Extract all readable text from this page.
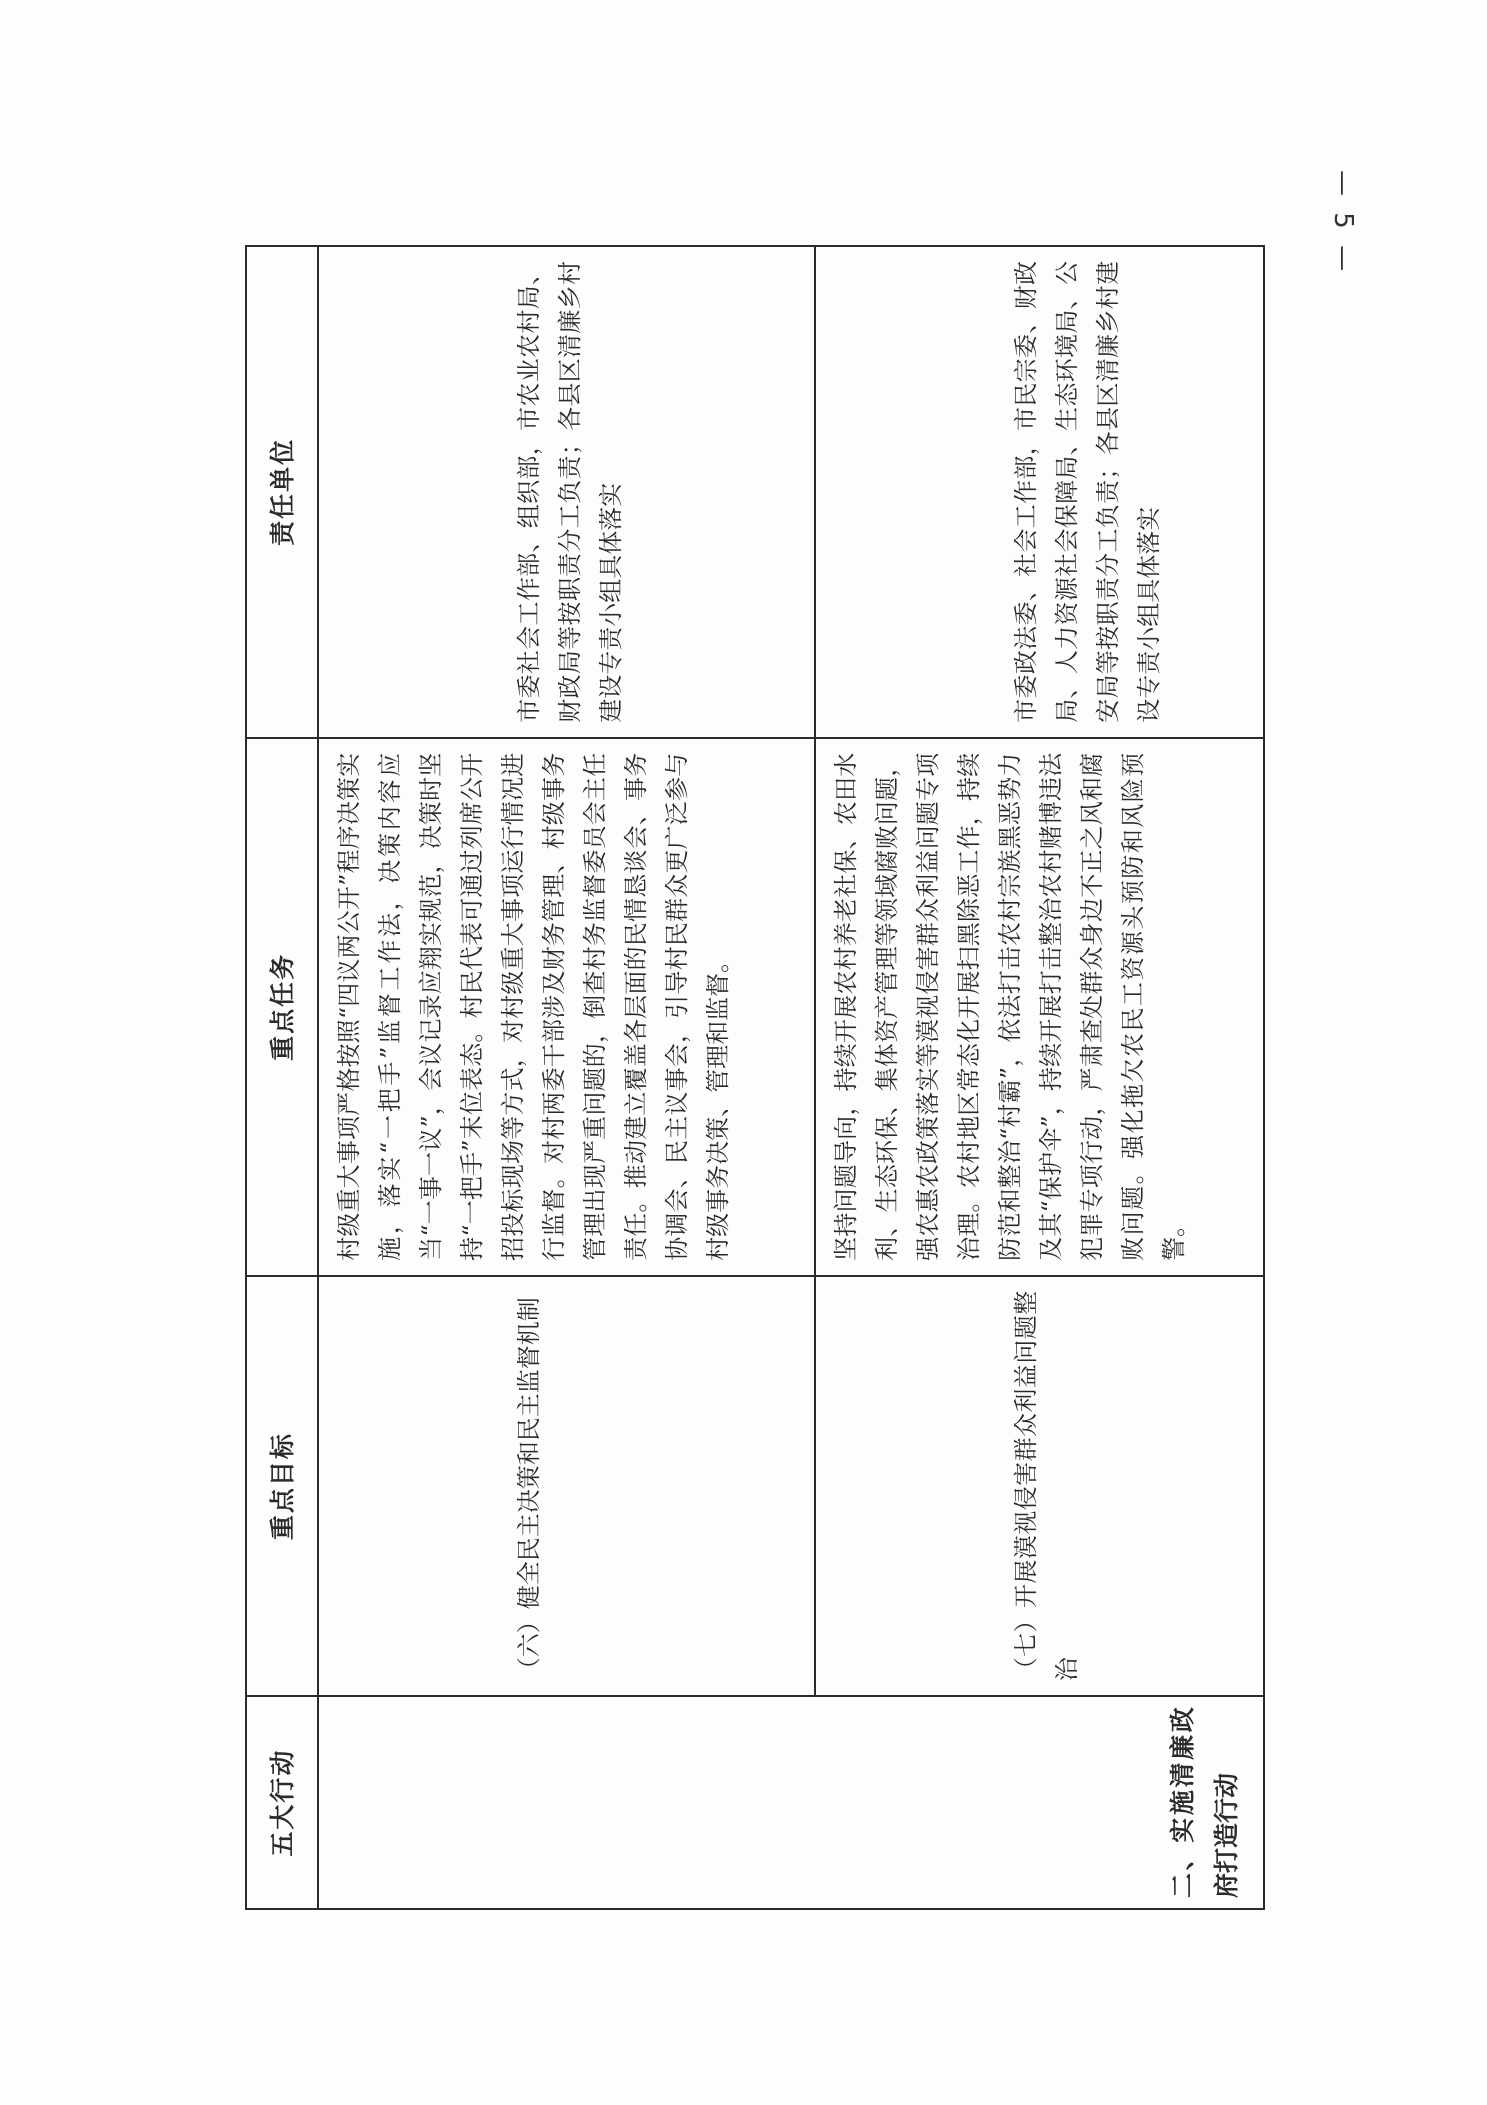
— 5 —
五大行动	重点目标	重点任务	责任单位
二、实施清廉政府打造行动	（六）健全民主决策和民主监督机制	村级重大事项严格按照“四议两公开”程序决策实施，落实“一把手”监督工作法，决策内容应当“一事一议”，会议记录应翔实规范，决策时坚持“一把手”末位表态。村民代表可通过列席公开招投标现场等方式，对村级重大事项运行情况进行监督。对村两委干部涉及财务管理、村级事务管理出现严重问题的，倒查村务监督委员会主任责任。推动建立覆盖各层面的民情恳谈会、事务协调会、民主议事会，引导村民群众更广泛参与村级事务决策、管理和监督。	市委社会工作部、组织部，市农业农村局、财政局等按职责分工负责；各县区清廉乡村建设专责小组具体落实
	（七）开展漠视侵害群众利益问题整治	坚持问题导向，持续开展农村养老社保、农田水利、生态环保、集体资产管理等领域腐败问题，强农惠农政策落实等漠视侵害群众利益问题专项治理。农村地区常态化开展扫黑除恶工作，持续防范和整治“村霸”，依法打击农村宗族黑恶势力及其“保护伞”，持续开展打击整治农村赌博违法犯罪专项行动，严肃查处群众身边不正之风和腐败问题。强化拖欠农民工资源头预防和风险预警。	市委政法委、社会工作部，市民宗委、财政局、人力资源社会保障局、生态环境局、公安局等按职责分工负责；各县区清廉乡村建设专责小组具体落实
